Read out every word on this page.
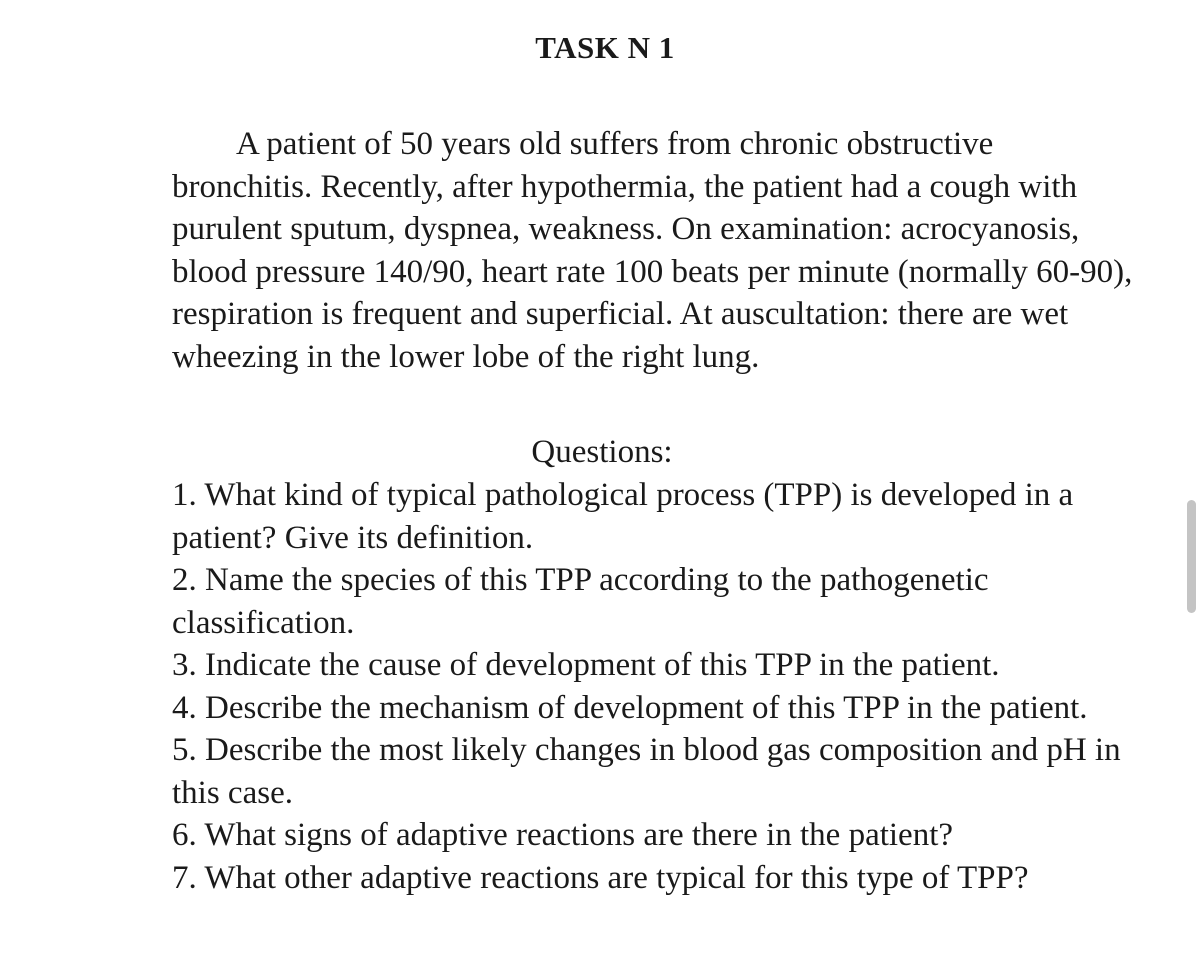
TASK N 1

A patient of 50 years old suffers from chronic obstructive bronchitis. Recently, after hypothermia, the patient had a cough with purulent sputum, dyspnea, weakness. On examination: acrocyanosis, blood pressure 140/90, heart rate 100 beats per minute (normally 60-90), respiration is frequent and superficial. At auscultation: there are wet wheezing in the lower lobe of the right lung.

Questions:
1. What kind of typical pathological process (TPP) is developed in a patient? Give its definition.
2. Name the species of this TPP according to the pathogenetic classification.
3. Indicate the cause of development of this TPP in the patient.
4. Describe the mechanism of development of this TPP in the patient.
5. Describe the most likely changes in blood gas composition and pH in this case.
6. What signs of adaptive reactions are there in the patient?
7. What other adaptive reactions are typical for this type of TPP?
